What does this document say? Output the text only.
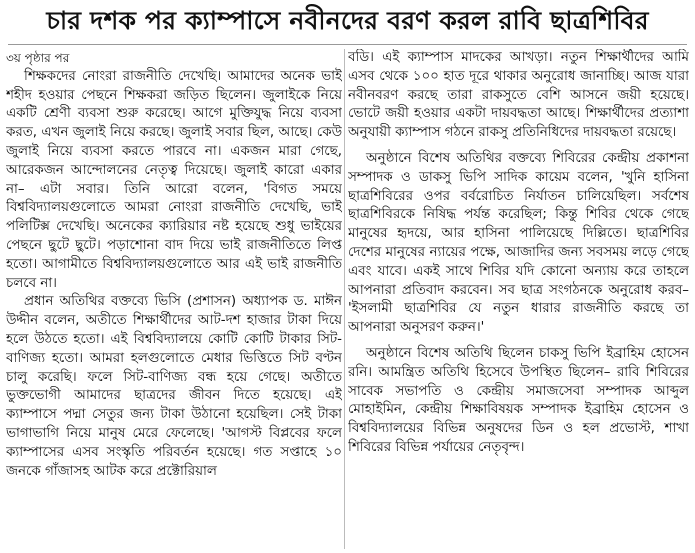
চার দশক পর ক্যাম্পাসে নবীনদের বরণ করল রাবি ছাত্রশিবির

৩য় পৃষ্ঠার পর

শিক্ষকদের নোংরা রাজনীতি দেখেছি। আমাদের অনেক ভাই শহীদ হওয়ার পেছনে শিক্ষকরা জড়িত ছিলেন। জুলাইকে নিয়ে একটি শ্রেণী ব্যবসা শুরু করেছে। আগে মুক্তিযুদ্ধ নিয়ে ব্যবসা করত, এখন জুলাই নিয়ে করছে। জুলাই সবার ছিল, আছে। কেউ জুলাই নিয়ে ব্যবসা করতে পারবে না। একজন মারা গেছে, আরেকজন আন্দোলনের নেতৃত্ব দিয়েছে। জুলাই কারো একার না– এটা সবার। তিনি আরো বলেন, 'বিগত সময়ে বিশ্ববিদ্যালয়গুলোতে আমরা নোংরা রাজনীতি দেখেছি, ভাই পলিটিক্স দেখেছি। অনেকের ক্যারিয়ার নষ্ট হয়েছে শুধু ভাইয়ের পেছনে ছুটে ছুটে। পড়াশোনা বাদ দিয়ে ভাই রাজনীতিতে লিপ্ত হতো। আগামীতে বিশ্ববিদ্যালয়গুলোতে আর এই ভাই রাজনীতি চলবে না।

প্রধান অতিথির বক্তব্যে ভিসি (প্রশাসন) অধ্যাপক ড. মাঈন উদ্দীন বলেন, অতীতে শিক্ষার্থীদের আট-দশ হাজার টাকা দিয়ে হলে উঠতে হতো। এই বিশ্ববিদ্যালয়ে কোটি কোটি টাকার সিট-বাণিজ্য হতো। আমরা হলগুলোতে মেধার ভিত্তিতে সিট বণ্টন চালু করেছি। ফলে সিট-বাণিজ্য বন্ধ হয়ে গেছে। অতীতে ভুক্তভোগী আমাদের ছাত্রদের জীবন দিতে হয়েছে। এই ক্যাম্পাসে পদ্মা সেতুর জন্য টাকা উঠানো হয়েছিল। সেই টাকা ভাগাভাগি নিয়ে মানুষ মেরে ফেলেছে। 'আগস্ট বিপ্লবের ফলে ক্যাম্পাসের এসব সংস্কৃতি পরিবর্তন হয়েছে। গত সপ্তাহে ১০ জনকে গাঁজাসহ আটক করে প্রক্টোরিয়াল

বডি। এই ক্যাম্পাস মাদকের আখড়া। নতুন শিক্ষার্থীদের আমি এসব থেকে ১০০ হাত দূরে থাকার অনুরোধ জানাচ্ছি। আজ যারা নবীনবরণ করছে তারা রাকসুতে বেশি আসনে জয়ী হয়েছে। ভোটে জয়ী হওয়ার একটা দায়বদ্ধতা আছে। শিক্ষার্থীদের প্রত্যাশা অনুযায়ী ক্যাম্পাস গঠনে রাকসু প্রতিনিধিদের দায়বদ্ধতা রয়েছে।

অনুষ্ঠানে বিশেষ অতিথির বক্তব্যে শিবিরের কেন্দ্রীয় প্রকাশনা সম্পাদক ও ডাকসু ভিপি সাদিক কায়েম বলেন, 'খুনি হাসিনা ছাত্রশিবিরের ওপর বর্বরোচিত নির্যাতন চালিয়েছিল। সর্বশেষ ছাত্রশিবিরকে নিষিদ্ধ পর্যন্ত করেছিল; কিন্তু শিবির থেকে গেছে মানুষের হৃদয়ে, আর হাসিনা পালিয়েছে দিল্লিতে। ছাত্রশিবির দেশের মানুষের ন্যায়ের পক্ষে, আজাদির জন্য সবসময় লড়ে গেছে এবং যাবে। একই সাথে শিবির যদি কোনো অন্যায় করে তাহলে আপনারা প্রতিবাদ করবেন। সব ছাত্র সংগঠনকে অনুরোধ করব– 'ইসলামী ছাত্রশিবির যে নতুন ধারার রাজনীতি করছে তা আপনারা অনুসরণ করুন।'

অনুষ্ঠানে বিশেষ অতিথি ছিলেন চাকসু ভিপি ইব্রাহিম হোসেন রনি। আমন্ত্রিত অতিথি হিসেবে উপস্থিত ছিলেন– রাবি শিবিরের সাবেক সভাপতি ও কেন্দ্রীয় সমাজসেবা সম্পাদক আব্দুল মোহাইমিন, কেন্দ্রীয় শিক্ষাবিষয়ক সম্পাদক ইব্রাহিম হোসেন ও বিশ্ববিদ্যালয়ের বিভিন্ন অনুষদের ডিন ও হল প্রভোস্ট, শাখা শিবিরের বিভিন্ন পর্যায়ের নেতৃবৃন্দ।
